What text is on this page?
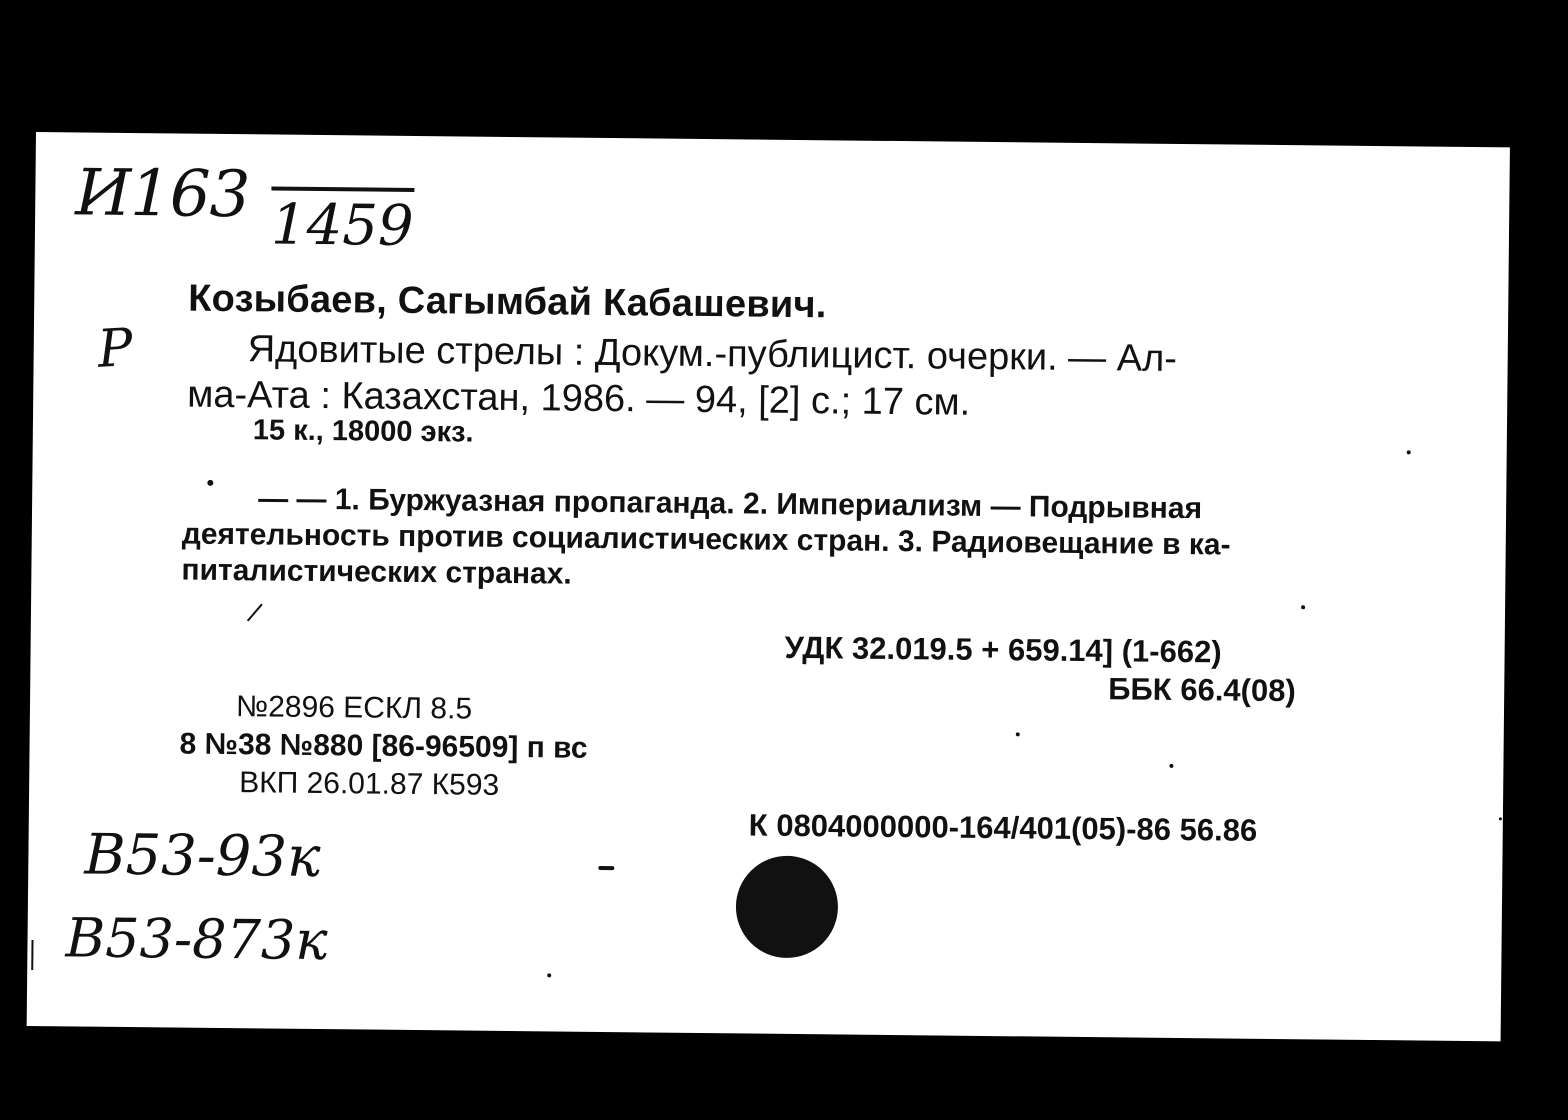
И163 1459
Р
Козыбаев, Сагымбай Кабашевич.
Ядовитые стрелы : Докум.-публицист. очерки. — Ал-
ма-Ата : Казахстан, 1986. — 94, [2] с.; 17 см.
15 к., 18000 экз.
— — 1. Буржуазная пропаганда. 2. Империализм — Подрывная
деятельность против социалистических стран. 3. Радиовещание в ка-
питалистических странах.
УДК 32.019.5 + 659.14] (1-662)
ББК 66.4(08)
№2896 ЕСКЛ 8.5
8 №38 №880 [86-96509] п вс
ВКП 26.01.87 К593
К 0804000000-164/401(05)-86 56.86
В53-93к
В53-873к
